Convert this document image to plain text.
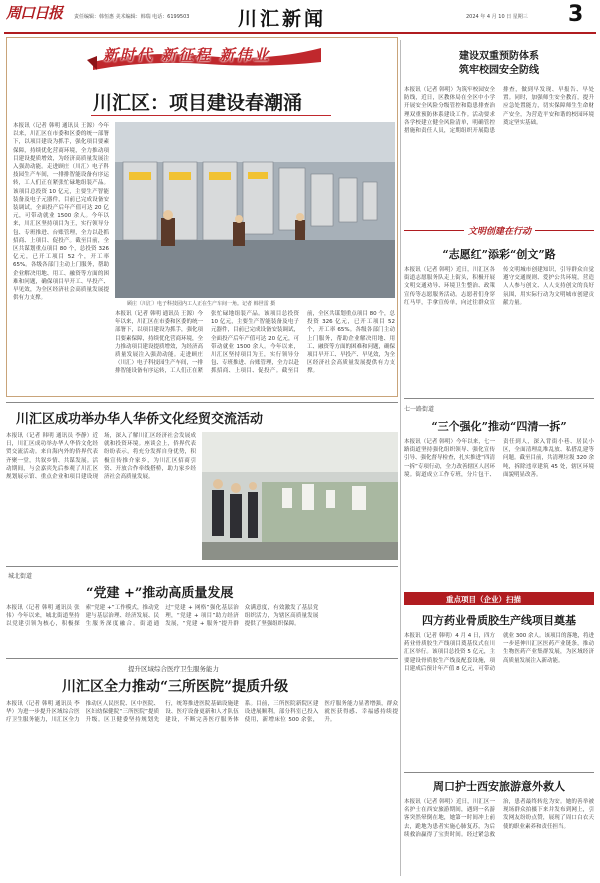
周口日报 责任编辑：韩恒惠 美术编辑：韩瑞 电话：6199503	川汇新闻	2024 年 4 月 10 日 星期三 3
新时代 新征程 新伟业
川汇区：项目建设春潮涌
顾庄（川汇）电子科技园内工人正在生产车间一角。记者 韩世雷 摄
本报讯（记者 韩明 通讯员 王源）今年以来，川汇区在市委和区委的统一部署下，以项目建设为抓手，强化项目要素保障，持续优化营商环境，全力推动项目建设提质增效，为经济高质量发展注入强劲动能。走进顾庄（川汇）电子科技园生产车间，一排排智能设备有序运转，工人们正在紧张忙碌地组装产品。该项目总投资 10 亿元，主要生产智能装备及电子元器件，目前已完成设备安装调试，全面投产后年产值可达 20 亿元，可带动就业 1500 余人。今年以来，川汇区坚持项目为王，实行领导分包、专班推进、台账管理，全力以赴抓招商、上项目、促投产。截至目前，全区共谋划重点项目 80 个，总投资 326 亿元，已开工项目 52 个，开工率 65%。各级各部门主动上门服务，帮助企业解决用地、用工、融资等方面的困难和问题，确保项目早开工、早投产、早见效，为全区经济社会高质量发展提供有力支撑。
本报讯（记者 韩明 通讯员 王源）今年以来，川汇区在市委和区委的统一部署下，以项目建设为抓手，强化项目要素保障，持续优化营商环境，全力推动项目建设提质增效，为经济高质量发展注入强劲动能。走进顾庄（川汇）电子科技园生产车间，一排排智能设备有序运转，工人们正在紧张忙碌地组装产品。该项目总投资 10 亿元，主要生产智能装备及电子元器件，目前已完成设备安装调试，全面投产后年产值可达 20 亿元，可带动就业 1500 余人。今年以来，川汇区坚持项目为王，实行领导分包、专班推进、台账管理，全力以赴抓招商、上项目、促投产。截至目前，全区共谋划重点项目 80 个，总投资 326 亿元，已开工项目 52 个，开工率 65%。各级各部门主动上门服务，帮助企业解决用地、用工、融资等方面的困难和问题，确保项目早开工、早投产、早见效，为全区经济社会高质量发展提供有力支撑。
建设双重预防体系
筑牢校园安全防线
本报讯（记者 韩明）为筑牢校园安全防线，近日，区教体局在全区中小学开展安全风险分级管控和隐患排查治理双重预防体系建设工作。活动要求各学校建立健全风险清单，明确管控措施和责任人员，定期组织开展隐患排查，做到早发现、早报告、早处置。同时，加强师生安全教育，提升应急处置能力，切实保障师生生命财产安全，为营造平安和谐的校园环境奠定坚实基础。
文明创建在行动
“志愿红”添彩“创文”路
本报讯（记者 韩明）近日，川汇区各街道志愿服务队走上街头，积极开展文明交通劝导、环境卫生整治、政策宣传等志愿服务活动。志愿者们身穿红马甲，手拿宣传单，向过往群众宣传文明城市创建知识，引导群众自觉遵守交通规则、爱护公共环境，营造人人参与创文、人人支持创文的良好氛围，用实际行动为文明城市创建贡献力量。
七一路街道
“三个强化”推动“四清一拆”
本报讯（记者 韩明）今年以来，七一路街道坚持强化组织领导、强化宣传引导、强化督导检查，扎实推进“四清一拆”专项行动，全力改善辖区人居环境。街道成立工作专班，分片包干、责任到人，深入背街小巷、居民小区，全面清理乱堆乱放、私搭乱建等问题。截至目前，共清理垃圾 320 余吨，拆除违章建筑 45 处，辖区环境面貌明显改善。
川汇区成功举办华人华侨文化经贸交流活动
本报讯（记者 韩明 通讯员 李静）近日，川汇区成功举办华人华侨文化经贸交流活动。来自海内外的侨界代表齐聚一堂，共叙乡情、共谋发展。活动期间，与会嘉宾先后参观了川汇区规划展示馆、重点企业和项目建设现场，深入了解川汇区经济社会发展成就和投资环境。座谈会上，侨界代表纷纷表示，将充分发挥自身优势，积极宣传推介家乡，为川汇区招商引资、开放合作牵线搭桥，助力家乡经济社会高质量发展。
城北街道
“党建 +”推动高质量发展
本报讯（记者 韩明 通讯员 张伟）今年以来，城北街道坚持以党建引领为核心，积极探索“党建 +”工作模式，推动党建与基层治理、经济发展、民生服务深度融合。街道通过“党建 + 网格”强化基层治理，“党建 + 项目”助力经济发展，“党建 + 服务”提升群众满意度，有效激发了基层党组织活力，为辖区高质量发展提供了坚强组织保障。
提升区域综合医疗卫生服务能力
川汇区全力推动“三所医院”提质升级
本报讯（记者 韩明 通讯员 李华）为进一步提升区域综合医疗卫生服务能力，川汇区全力推动区人民医院、区中医院、区妇幼保健院“三所医院”提质升级。区卫健委坚持规划先行，统筹推进医院基础设施建设、医疗设备更新和人才队伍建设，不断完善医疗服务体系。目前，三所医院新院区建设进展顺利，部分科室已投入使用，新增床位 500 余张，医疗服务能力显著增强，群众就医获得感、幸福感持续提升。
重点项目（企业）扫描
四方药业骨质胶生产线项目奠基
本报讯（记者 韩明）4 月 4 日，四方药业骨质胶生产线项目奠基仪式在川汇区举行。该项目总投资 5 亿元，主要建设骨质胶生产线及配套设施，项目建成后预计年产值 8 亿元，可带动就业 300 余人。该项目的落地，将进一步延伸川汇区医药产业链条，推动生物医药产业集群发展，为区域经济高质量发展注入新动能。
周口护士西安旅游意外救人
本报讯（记者 韩明）近日，川汇区一名护士在西安旅游期间，遇到一名游客突然晕倒在地，她第一时间冲上前去，跪地为患者实施心肺复苏，为后续救治赢得了宝贵时间。经过紧急救治，患者最终转危为安。她的善举被现场群众拍摄下来并发布到网上，引发网友纷纷点赞，展现了周口白衣天使的职业素养和责任担当。
